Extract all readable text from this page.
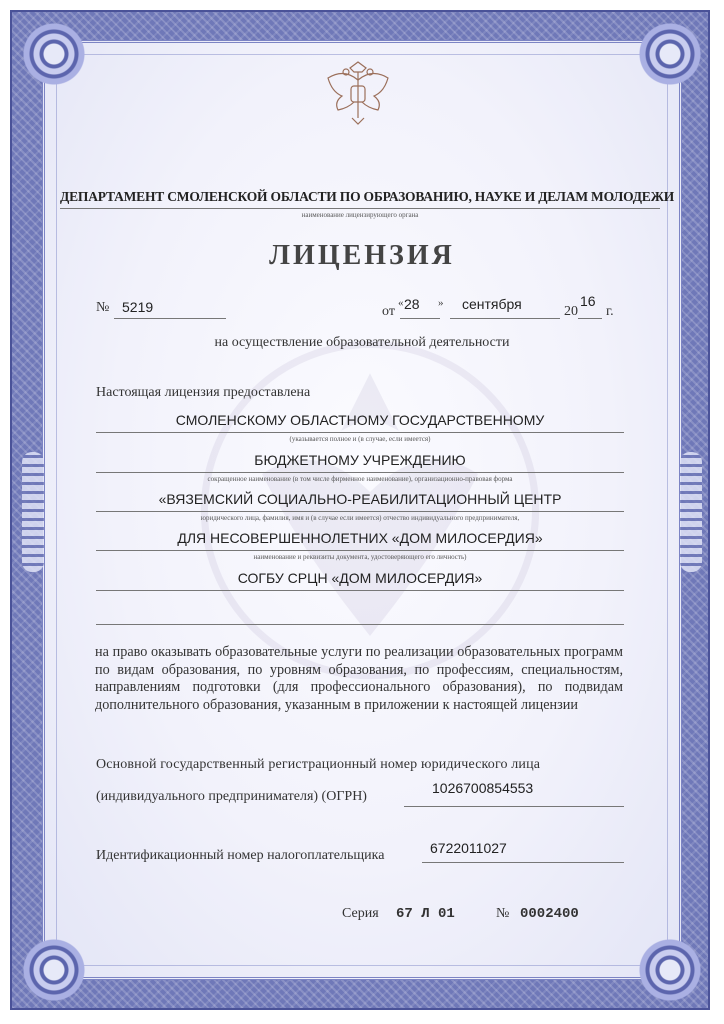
ДЕПАРТАМЕНТ СМОЛЕНСКОЙ ОБЛАСТИ ПО ОБРАЗОВАНИЮ, НАУКЕ И ДЕЛАМ МОЛОДЕЖИ
наименование лицензирующего органа
ЛИЦЕНЗИЯ
№ 5219	от
« 28 » сентября	20
16
г.
на осуществление образовательной деятельности
Настоящая лицензия предоставлена
СМОЛЕНСКОМУ ОБЛАСТНОМУ ГОСУДАРСТВЕННОМУ
(указывается полное и (в случае, если имеется)
БЮДЖЕТНОМУ УЧРЕЖДЕНИЮ
сокращенное наименование (в том числе фирменное наименование), организационно-правовая форма
«ВЯЗЕМСКИЙ СОЦИАЛЬНО-РЕАБИЛИТАЦИОННЫЙ ЦЕНТР
юридического лица, фамилия, имя и (в случае если имеется) отчество индивидуального предпринимателя,
ДЛЯ НЕСОВЕРШЕННОЛЕТНИХ «ДОМ МИЛОСЕРДИЯ»
наименование и реквизиты документа, удостоверяющего его личность)
СОГБУ СРЦН «ДОМ МИЛОСЕРДИЯ»
на право оказывать образовательные услуги по реализации образовательных программ по видам образования, по уровням образования, по профессиям, специальностям, направлениям подготовки (для профессионального образования), по подвидам дополнительного образования, указанным в приложении к настоящей лицензии
Основной государственный регистрационный номер юридического лица
(индивидуального предпринимателя) (ОГРН)
1026700854553
Идентификационный номер налогоплательщика	6722011027
Серия 67 Л 01	№ 0002400
